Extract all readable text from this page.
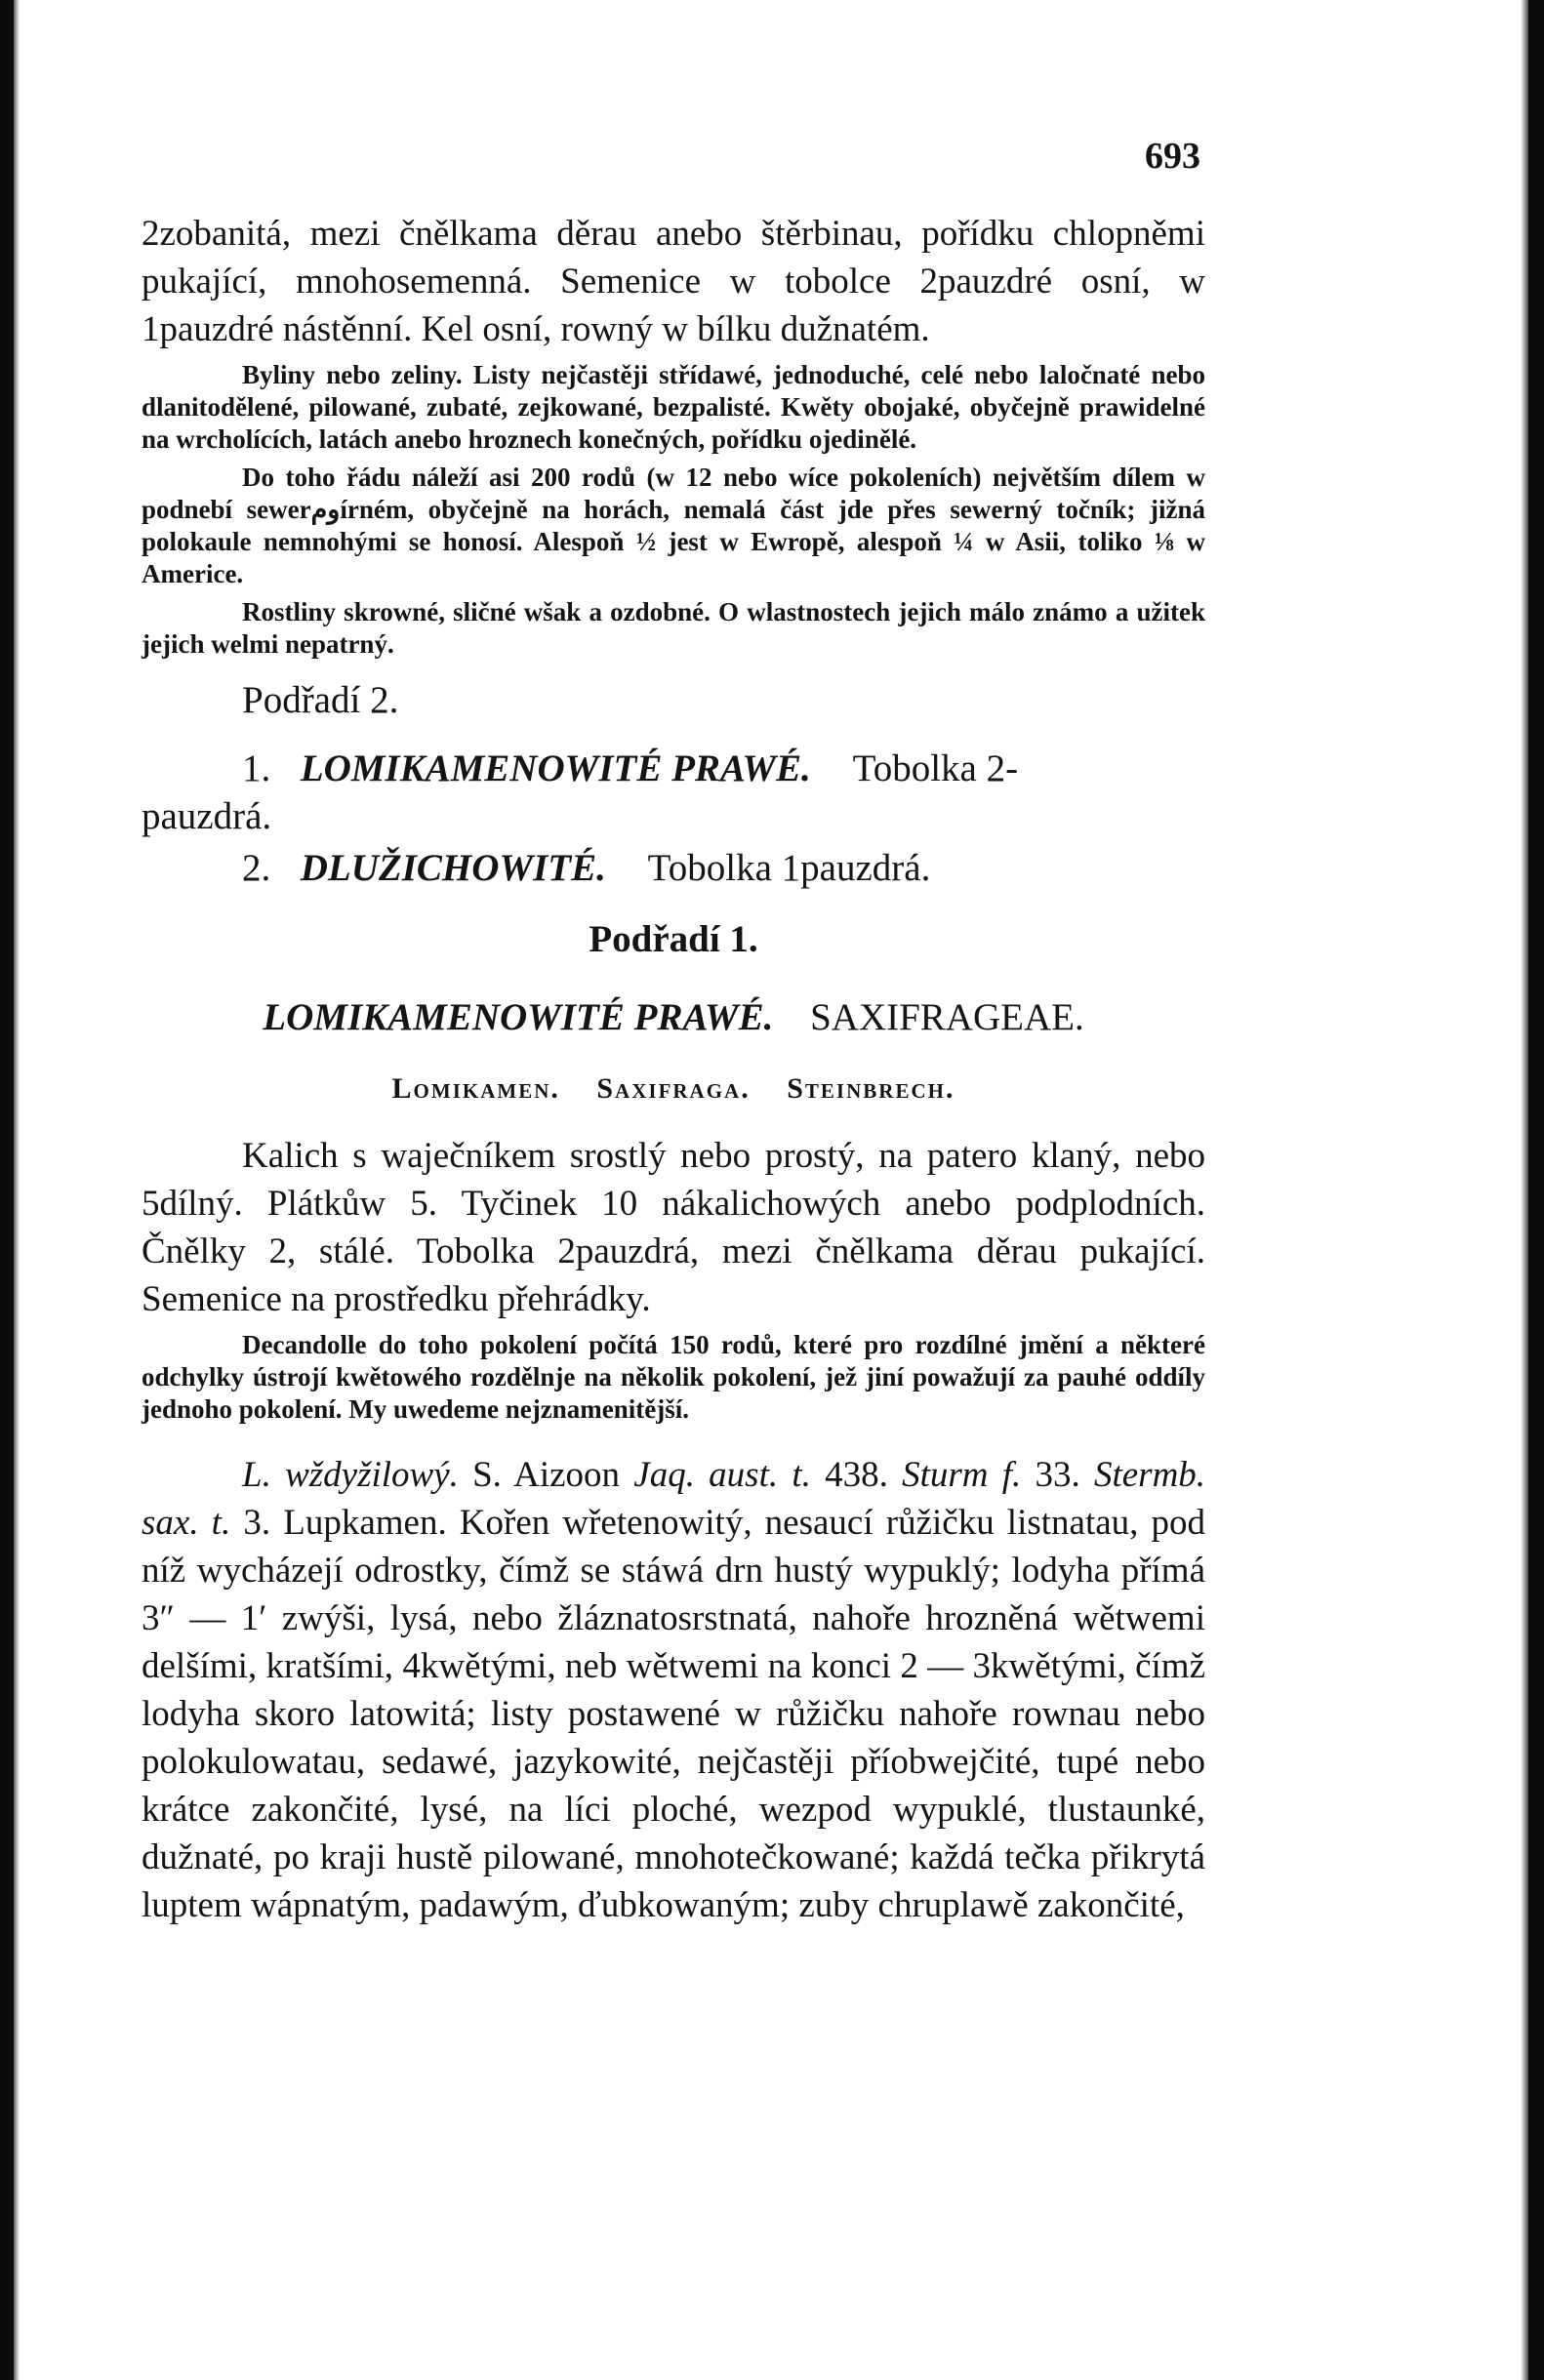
693

2zobanitá, mezi čnělkama děrau anebo štěrbinau, pořídku chlopněmi pukající, mnohosemenná. Semenice w tobolce 2pauzdré osní, w 1pauzdré nástěnní. Kel osní, rowný w bílku dužnatém.

Byliny nebo zeliny. Listy nejčastěji střídawé, jednoduché, celé nebo laločnaté nebo dlanitodělené, pilowané, zubaté, zejkowané, bezpalisté. Kwěty obojaké, obyčejně prawidelné na wrcholících, latách anebo hroznech konečných, pořídku ojedinělé.

Do toho řádu náleží asi 200 rodů (w 12 nebo wíce pokoleních) největším dílem w podnebí sewerومírném, obyčejně na horách, nemalá část jde přes sewerný točník; jižná polokaule nemnohými se honosí. Alespoň ½ jest w Ewropě, alespoň ¼ w Asii, toliko ⅛ w Americe.

Rostliny skrowné, sličné wšak a ozdobné. O wlastnostech jejich málo známo a užitek jejich welmi nepatrný.

Podřadí 2.

1. LOMIKAMENOWITÉ PRAWÉ. Tobolka 2-

pauzdrá.

2. DLUŽICHOWITÉ. Tobolka 1pauzdrá.

Podřadí 1.

LOMIKAMENOWITÉ PRAWÉ. SAXIFRAGEAE.

Lomikamen. Saxifraga. Steinbrech.

Kalich s waječníkem srostlý nebo prostý, na patero klaný, nebo 5dílný. Plátkůw 5. Tyčinek 10 nákalichowých anebo podplodních. Čnělky 2, stálé. Tobolka 2pauzdrá, mezi čnělkama děrau pukající. Semenice na prostředku přehrádky.

Decandolle do toho pokolení počítá 150 rodů, které pro rozdílné jmění a některé odchylky ústrojí kwětowého rozdělnje na několik pokolení, jež jiní powažují za pauhé oddíly jednoho pokolení. My uwedeme nejznamenitější.

L. wždyžilowý. S. Aizoon Jaq. aust. t. 438. Sturm f. 33. Stermb. sax. t. 3. Lupkamen. Kořen wřetenowitý, nesaucí růžičku listnatau, pod níž wycházejí odrostky, čímž se stáwá drn hustý wypuklý; lodyha přímá 3″ — 1′ zwýši, lysá, nebo žláznatosrstnatá, nahoře hrozněná wětwemi delšími, kratšími, 4kwětými, neb wětwemi na konci 2 — 3kwětými, čímž lodyha skoro latowitá; listy postawené w růžičku nahoře rownau nebo polokulowatau, sedawé, jazykowité, nejčastěji příobwejčité, tupé nebo krátce zakončité, lysé, na líci ploché, wezpod wypuklé, tlustaunké, dužnaté, po kraji hustě pilowané, mnohotečkowané; každá tečka přikrytá luptem wápnatým, padawým, ďubkowaným; zuby chruplawě zakončité,
